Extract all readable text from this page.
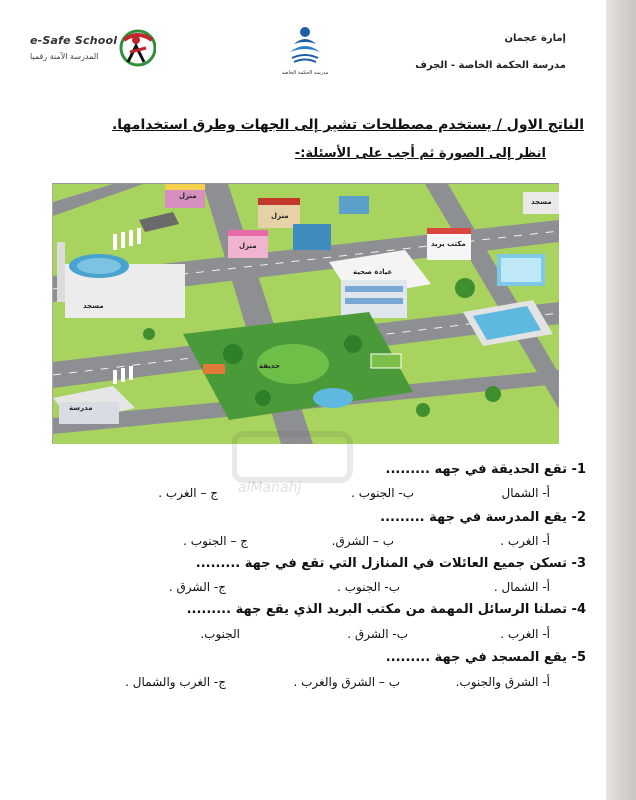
إمارة عجمان
مدرسة الحكمة الخاصة - الجرف
e-Safe School
المدرسة الآمنة رقميا
مدرسة الحكمة الخاصة
الناتج الاول / يستخدم مصطلحات تشير إلى الجهات وطرق استخدامها.
انظر إلى الصورة ثم أجب على الأسئلة:-
منزل
منزل
منزل
مسجد
مكتب بريد
عيادة صحية
مسجد
حديقة
مدرسة
alManahj
1- تقع الحديقة في جهه .........
أ- الشمال
ب- الجنوب .
ج – الغرب .
2- يقع المدرسة في جهة .........
أ- الغرب .
ب – الشرق.
ج – الجنوب .
3- تسكن جميع العائلات في المنازل التي تقع في جهة .........
أ- الشمال .
ب- الجنوب .
ج- الشرق .
4- تصلنا الرسائل المهمة من مكتب البريد الذي يقع جهة .........
أ- الغرب .
ب- الشرق .
الجنوب.
5- يقع المسجد في جهة .........
أ- الشرق والجنوب.
ب – الشرق والغرب .
ج- الغرب والشمال .
